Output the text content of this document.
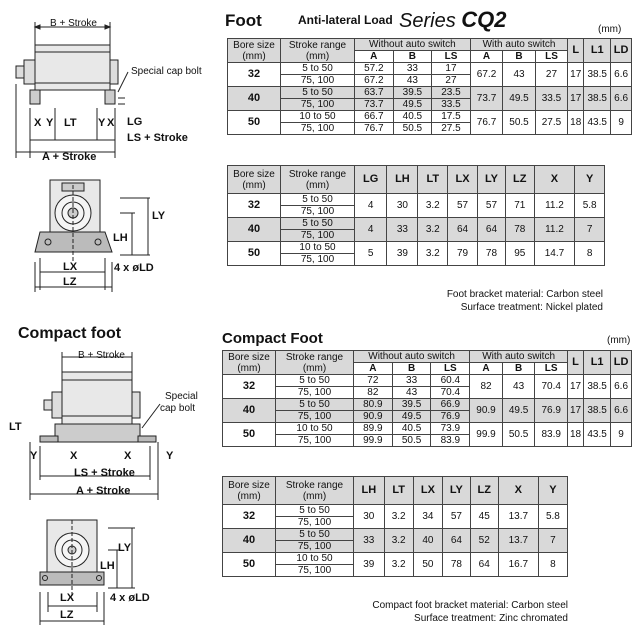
B + Stroke
Special cap bolt
LG
LS + Stroke
A + Stroke
X Y LT Y X
LY
LH
LX
LZ
4 x øLD
Foot	Anti-lateral Load Series CQ2	(mm)
Bore size
(mm)	Stroke range
(mm)	Without auto switch			With auto switch			L	L1	LD
		A	B	LS	A	B	LS			
32	5 to 50	57.2	33	17	67.2	43	27	17	38.5	6.6
	75, 100	67.2	43	27						
40	5 to 50	63.7	39.5	23.5	73.7	49.5	33.5	17	38.5	6.6
	75, 100	73.7	49.5	33.5						
50	10 to 50	66.7	40.5	17.5	76.7	50.5	27.5	18	43.5	9
	75, 100	76.7	50.5	27.5						
Bore size
(mm)	Stroke range
(mm)	LG	LH	LT	LX	LY	LZ	X	Y
32	5 to 50	4	30	3.2	57	57	71	11.2	5.8
	75, 100								
40	5 to 50	4	33	3.2	64	64	78	11.2	7
	75, 100								
50	10 to 50	5	39	3.2	79	78	95	14.7	8
	75, 100								
Foot bracket material: Carbon steel
Surface treatment: Nickel plated
Compact foot
B + Stroke
Special
cap bolt
LT
Y	X	X	Y
LS + Stroke
A + Stroke
LY
LH
LX
LZ
4 x øLD
Compact Foot	(mm)
Bore size
(mm)	Stroke range
(mm)	Without auto switch			With auto switch			L	L1	LD
		A	B	LS	A	B	LS			
32	5 to 50	72	33	60.4	82	43	70.4	17	38.5	6.6
	75, 100	82	43	70.4						
40	5 to 50	80.9	39.5	66.9	90.9	49.5	76.9	17	38.5	6.6
	75, 100	90.9	49.5	76.9						
50	10 to 50	89.9	40.5	73.9	99.9	50.5	83.9	18	43.5	9
	75, 100	99.9	50.5	83.9						
Bore size
(mm)	Stroke range
(mm)	LH	LT	LX	LY	LZ	X	Y
32	5 to 50	30	3.2	34	57	45	13.7	5.8
	75, 100							
40	5 to 50	33	3.2	40	64	52	13.7	7
	75, 100							
50	10 to 50	39	3.2	50	78	64	16.7	8
	75, 100							
Compact foot bracket material: Carbon steel
Surface treatment: Zinc chromated
